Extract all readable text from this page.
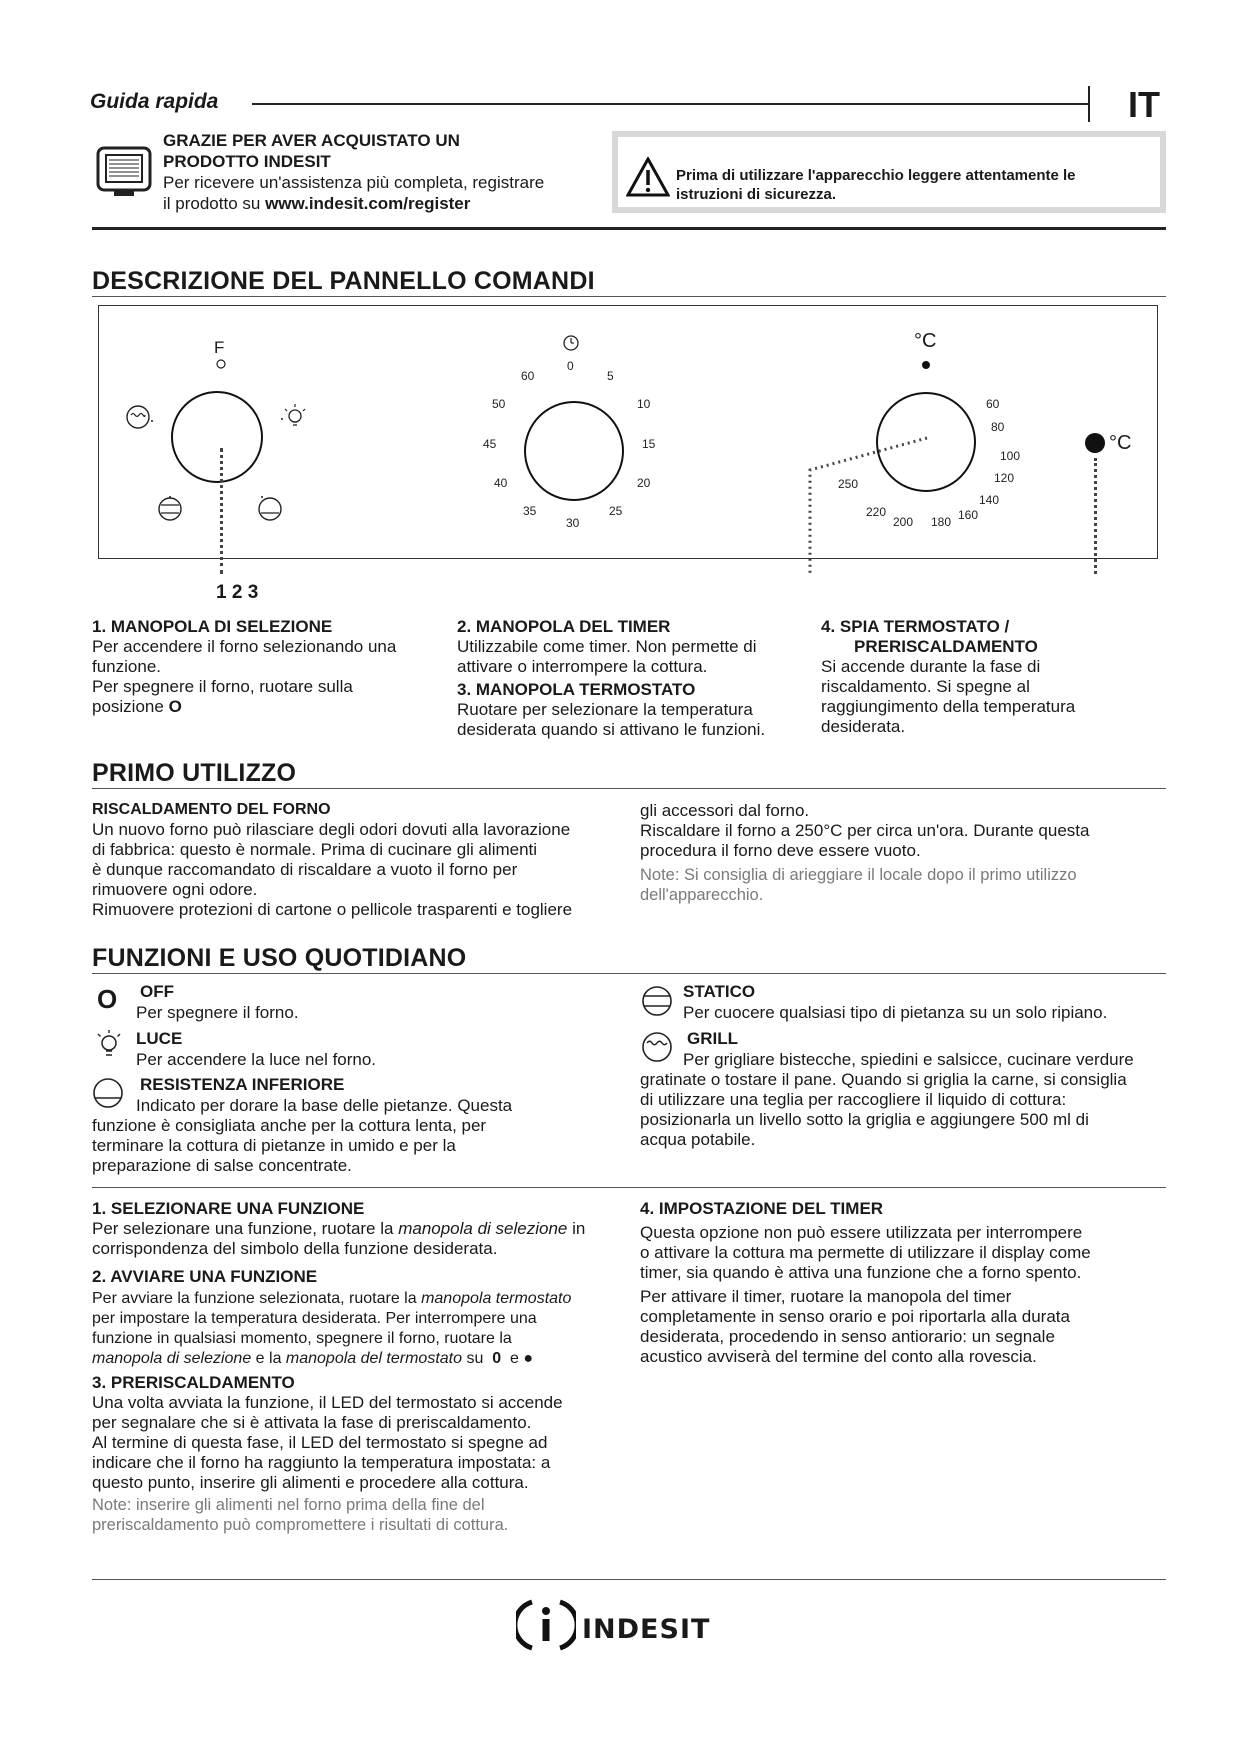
Guida rapida	IT
GRAZIE PER AVER ACQUISTATO UN
PRODOTTO INDESIT
Per ricevere un'assistenza più completa, registrare
il prodotto su www.indesit.com/register
Prima di utilizzare l'apparecchio leggere attentamente le
istruzioni di sicurezza.
DESCRIZIONE DEL PANNELLO COMANDI
F
1 2 3
60
0
5
10
15
20
25
30
35
40
45
50
°C
60
80
100
120
140
160
180
200
220
250
°C
1. MANOPOLA DI SELEZIONE
Per accendere il forno selezionando una
funzione.
Per spegnere il forno, ruotare sulla
posizione Ο
2. MANOPOLA DEL TIMER
Utilizzabile come timer. Non permette di
attivare o interrompere la cottura.
3. MANOPOLA TERMOSTATO
Ruotare per selezionare la temperatura
desiderata quando si attivano le funzioni.
4. SPIA TERMOSTATO /
PRERISCALDAMENTO
Si accende durante la fase di
riscaldamento. Si spegne al
raggiungimento della temperatura
desiderata.
PRIMO UTILIZZO
RISCALDAMENTO DEL FORNO
Un nuovo forno può rilasciare degli odori dovuti alla lavorazione
di fabbrica: questo è normale. Prima di cucinare gli alimenti
è dunque raccomandato di riscaldare a vuoto il forno per
rimuovere ogni odore.
Rimuovere protezioni di cartone o pellicole trasparenti e togliere
gli accessori dal forno.
Riscaldare il forno a 250°C per circa un'ora. Durante questa
procedura il forno deve essere vuoto.
Note: Si consiglia di arieggiare il locale dopo il primo utilizzo
dell'apparecchio.
FUNZIONI E USO QUOTIDIANO
O OFF
Per spegnere il forno.
LUCE
Per accendere la luce nel forno.
RESISTENZA INFERIORE
Indicato per dorare la base delle pietanze. Questa
funzione è consigliata anche per la cottura lenta, per
terminare la cottura di pietanze in umido e per la
preparazione di salse concentrate.
STATICO
Per cuocere qualsiasi tipo di pietanza su un solo ripiano.
GRILL
Per grigliare bistecche, spiedini e salsicce, cucinare verdure
gratinate o tostare il pane. Quando si griglia la carne, si consiglia
di utilizzare una teglia per raccogliere il liquido di cottura:
posizionarla un livello sotto la griglia e aggiungere 500 ml di
acqua potabile.
1. SELEZIONARE UNA FUNZIONE
Per selezionare una funzione, ruotare la manopola di selezione in
corrispondenza del simbolo della funzione desiderata.
2. AVVIARE UNA FUNZIONE
Per avviare la funzione selezionata, ruotare la manopola termostato
per impostare la temperatura desiderata. Per interrompere una
funzione in qualsiasi momento, spegnere il forno, ruotare la
manopola di selezione e la manopola del termostato su  0  e ●
3. PRERISCALDAMENTO
Una volta avviata la funzione, il LED del termostato si accende
per segnalare che si è attivata la fase di preriscaldamento.
Al termine di questa fase, il LED del termostato si spegne ad
indicare che il forno ha raggiunto la temperatura impostata: a
questo punto, inserire gli alimenti e procedere alla cottura.
Note: inserire gli alimenti nel forno prima della fine del
preriscaldamento può compromettere i risultati di cottura.
4. IMPOSTAZIONE DEL TIMER
Questa opzione non può essere utilizzata per interrompere
o attivare la cottura ma permette di utilizzare il display come
timer, sia quando è attiva una funzione che a forno spento.
Per attivare il timer, ruotare la manopola del timer
completamente in senso orario e poi riportarla alla durata
desiderata, procedendo in senso antiorario: un segnale
acustico avviserà del termine del conto alla rovescia.
indesit
